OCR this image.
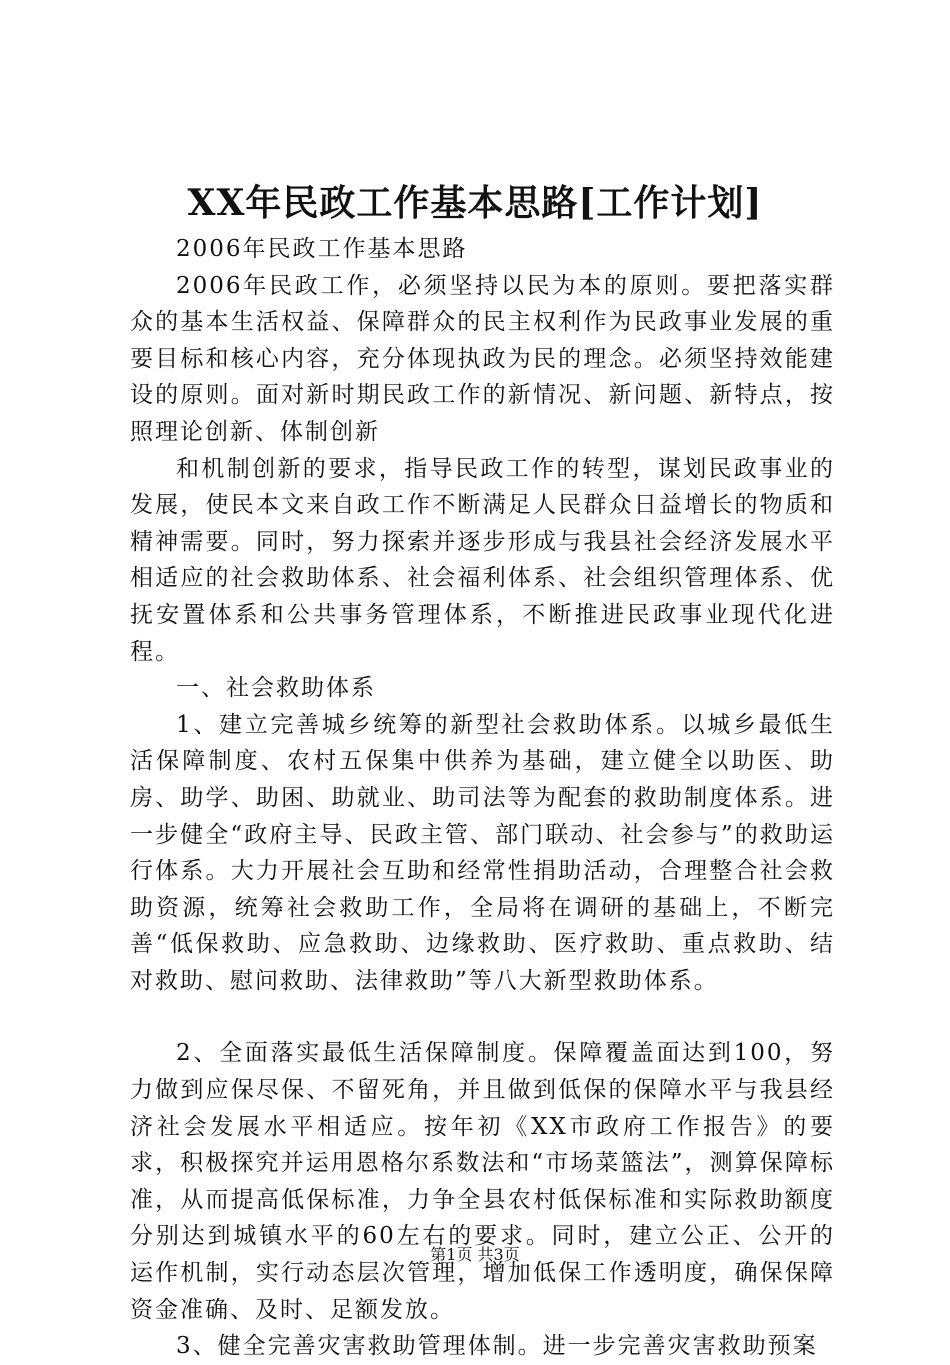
XX年民政工作基本思路[工作计划]

2006年民政工作基本思路

2006年民政工作，必须坚持以民为本的原则。要把落实群众的基本生活权益、保障群众的民主权利作为民政事业发展的重要目标和核心内容，充分体现执政为民的理念。必须坚持效能建设的原则。面对新时期民政工作的新情况、新问题、新特点，按照理论创新、体制创新

和机制创新的要求，指导民政工作的转型，谋划民政事业的发展，使民本文来自政工作不断满足人民群众日益增长的物质和精神需要。同时，努力探索并逐步形成与我县社会经济发展水平相适应的社会救助体系、社会福利体系、社会组织管理体系、优抚安置体系和公共事务管理体系，不断推进民政事业现代化进程。

一、社会救助体系

1、建立完善城乡统筹的新型社会救助体系。以城乡最低生活保障制度、农村五保集中供养为基础，建立健全以助医、助房、助学、助困、助就业、助司法等为配套的救助制度体系。进一步健全“政府主导、民政主管、部门联动、社会参与”的救助运行体系。大力开展社会互助和经常性捐助活动，合理整合社会救助资源，统筹社会救助工作，全局将在调研的基础上，不断完善“低保救助、应急救助、边缘救助、医疗救助、重点救助、结对救助、慰问救助、法律救助”等八大新型救助体系。

2、全面落实最低生活保障制度。保障覆盖面达到100，努力做到应保尽保、不留死角，并且做到低保的保障水平与我县经济社会发展水平相适应。按年初《XX市政府工作报告》的要求，积极探究并运用恩格尔系数法和“市场菜篮法”，测算保障标准，从而提高低保标准，力争全县农村低保标准和实际救助额度分别达到城镇水平的60左右的要求。同时，建立公正、公开的运作机制，实行动态层次管理，增加低保工作透明度，确保保障资金准确、及时、足额发放。

3、健全完善灾害救助管理体制。进一步完善灾害救助预案

第1页 共3页
